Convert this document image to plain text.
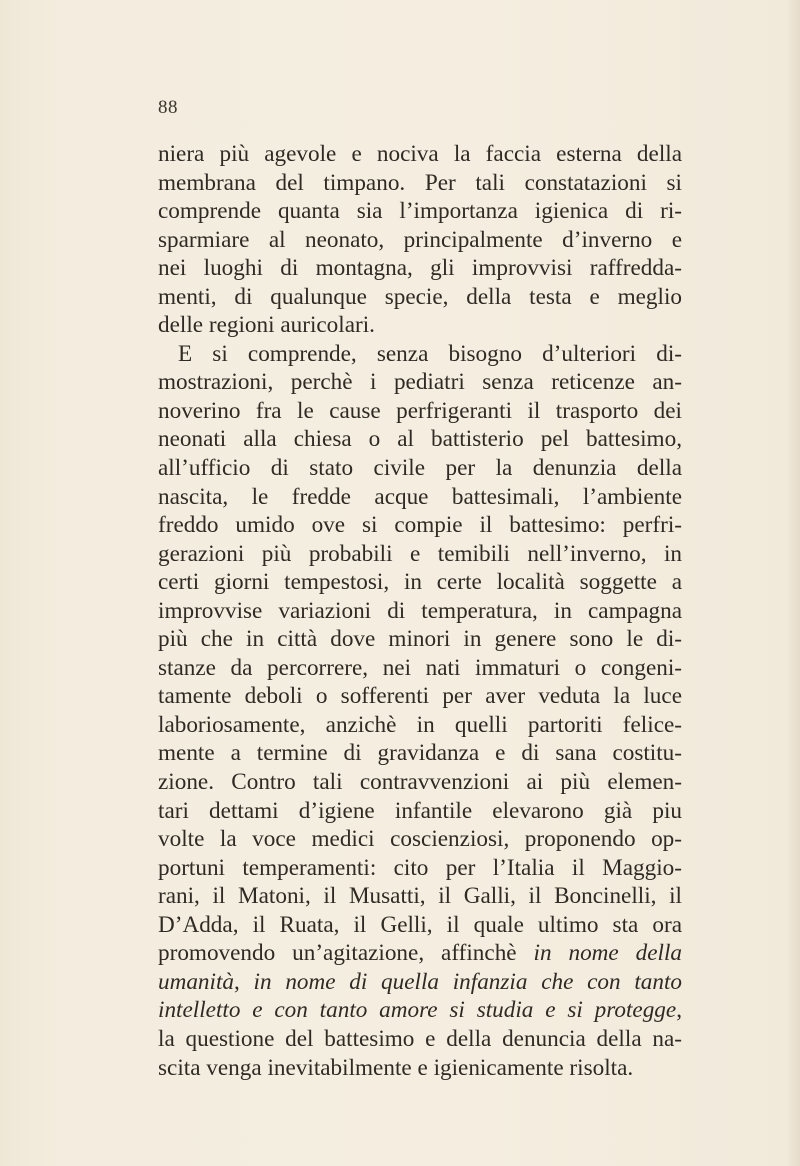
88
niera più agevole e nociva la faccia esterna della
membrana del timpano. Per tali constatazioni si
comprende quanta sia l’importanza igienica di ri-
sparmiare al neonato, principalmente d’inverno e
nei luoghi di montagna, gli improvvisi raffredda-
menti, di qualunque specie, della testa e meglio
delle regioni auricolari.
E si comprende, senza bisogno d’ulteriori di-
mostrazioni, perchè i pediatri senza reticenze an-
noverino fra le cause perfrigeranti il trasporto dei
neonati alla chiesa o al battisterio pel battesimo,
all’ufficio di stato civile per la denunzia della
nascita, le fredde acque battesimali, l’ambiente
freddo umido ove si compie il battesimo: perfri-
gerazioni più probabili e temibili nell’inverno, in
certi giorni tempestosi, in certe località soggette a
improvvise variazioni di temperatura, in campagna
più che in città dove minori in genere sono le di-
stanze da percorrere, nei nati immaturi o congeni-
tamente deboli o sofferenti per aver veduta la luce
laboriosamente, anzichè in quelli partoriti felice-
mente a termine di gravidanza e di sana costitu-
zione. Contro tali contravvenzioni ai più elemen-
tari dettami d’igiene infantile elevarono già piu
volte la voce medici coscienziosi, proponendo op-
portuni temperamenti: cito per l’Italia il Maggio-
rani, il Matoni, il Musatti, il Galli, il Boncinelli, il
D’Adda, il Ruata, il Gelli, il quale ultimo sta ora
promovendo un’agitazione, affinchè in nome della
umanità, in nome di quella infanzia che con tanto
intelletto e con tanto amore si studia e si protegge,
la questione del battesimo e della denuncia della na-
scita venga inevitabilmente e igienicamente risolta.
